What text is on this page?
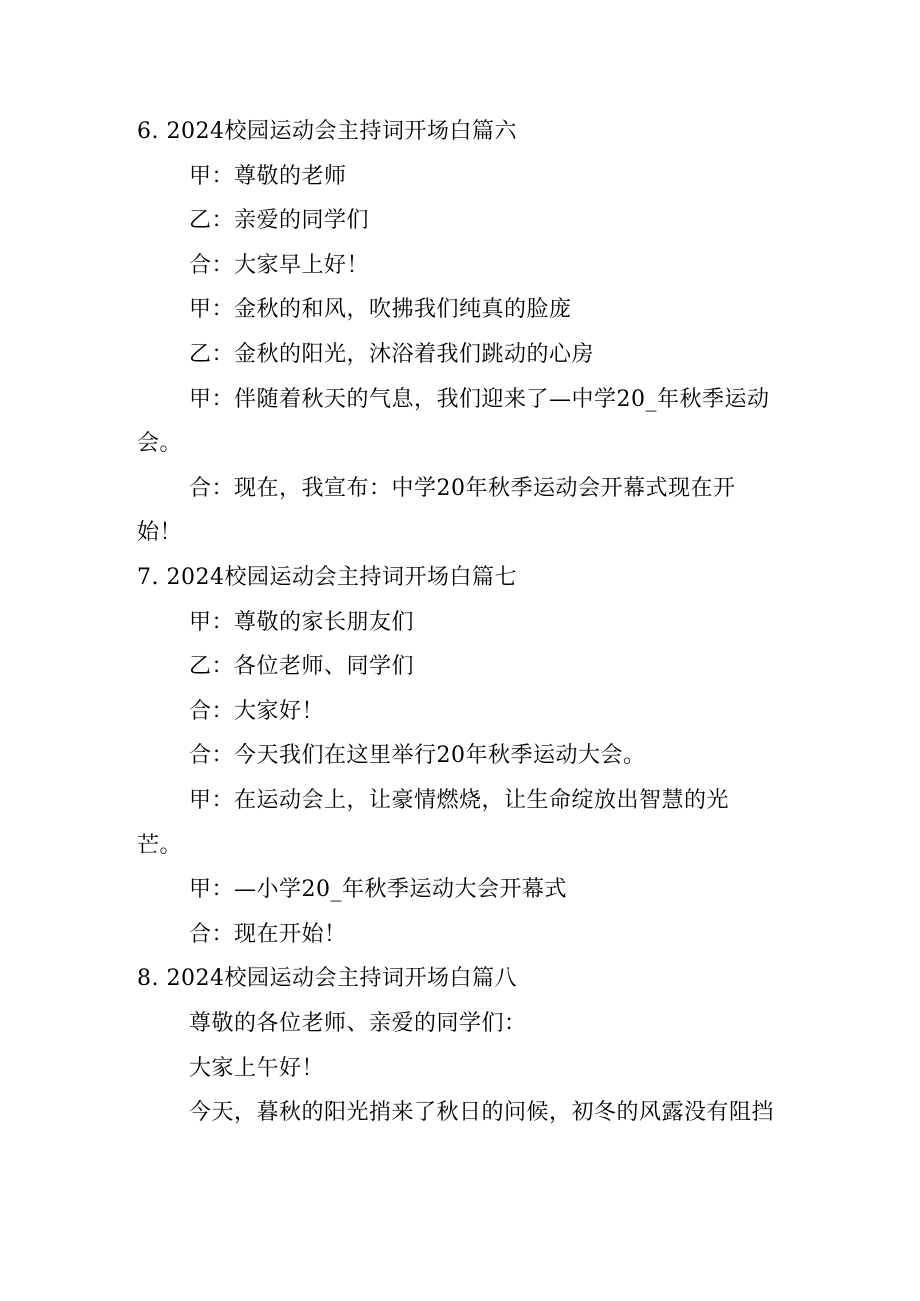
6. 2024校园运动会主持词开场白篇六
甲：尊敬的老师
乙：亲爱的同学们
合：大家早上好！
甲：金秋的和风，吹拂我们纯真的脸庞
乙：金秋的阳光，沐浴着我们跳动的心房
甲：伴随着秋天的气息，我们迎来了—中学20_年秋季运动
会。
合：现在，我宣布：中学20年秋季运动会开幕式现在开
始！
7. 2024校园运动会主持词开场白篇七
甲：尊敬的家长朋友们
乙：各位老师、同学们
合：大家好！
合：今天我们在这里举行20年秋季运动大会。
甲：在运动会上，让豪情燃烧，让生命绽放出智慧的光
芒。
甲：—小学20_年秋季运动大会开幕式
合：现在开始！
8. 2024校园运动会主持词开场白篇八
尊敬的各位老师、亲爱的同学们：
大家上午好！
今天，暮秋的阳光捎来了秋日的问候，初冬的风露没有阻挡
